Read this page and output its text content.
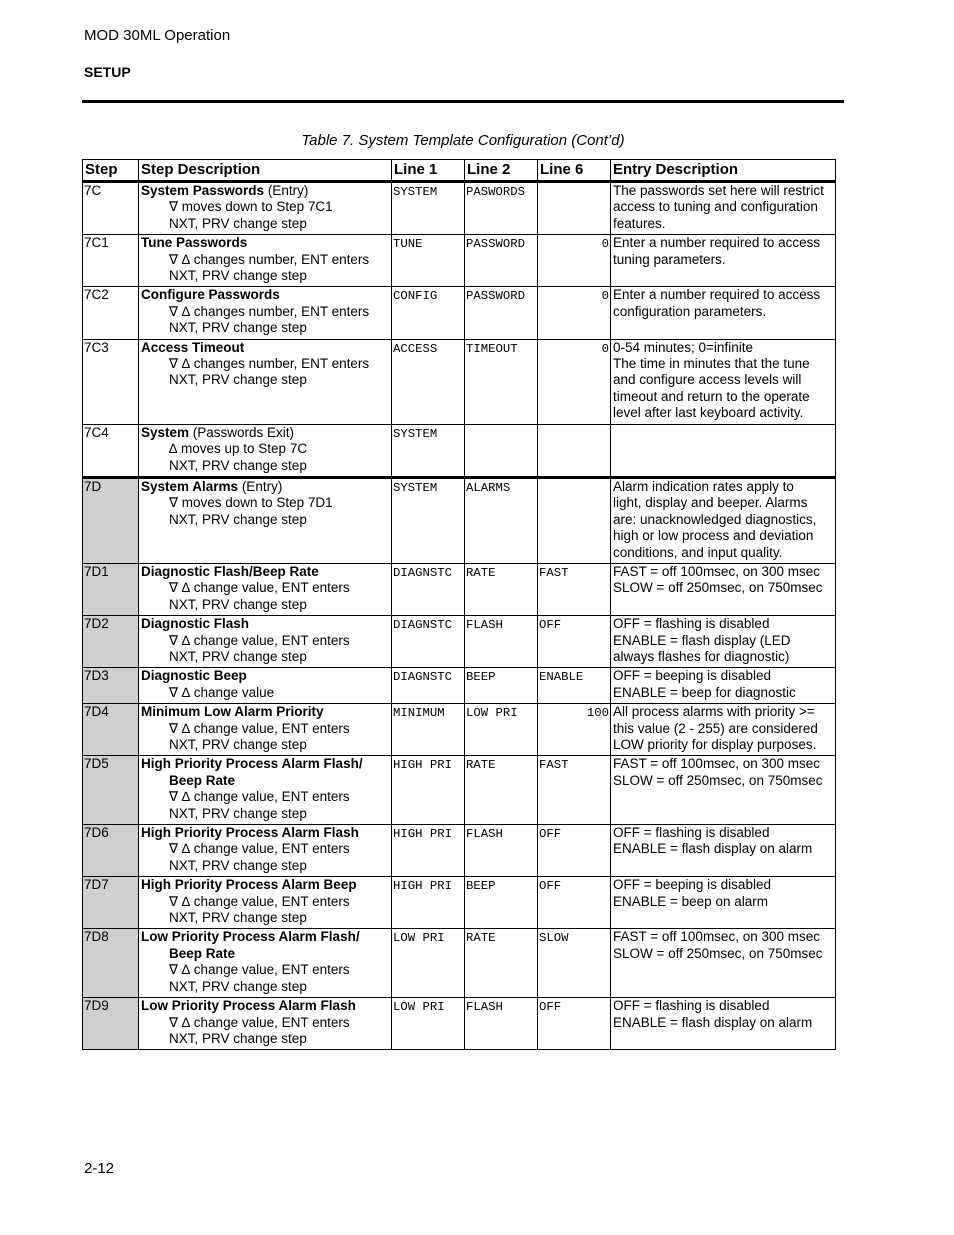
MOD 30ML Operation
SETUP
Table 7. System Template Configuration (Cont’d)
Step	Step Description	Line 1	Line 2	Line 6	Entry Description
7C	System Passwords (Entry)
∇ moves down to Step 7C1
NXT, PRV change step	SYSTEM	PASWORDS		The passwords set here will restrict
access to tuning and configuration
features.

7C1	Tune Passwords
∇ ∆ changes number, ENT enters
NXT, PRV change step	TUNE	PASSWORD	0	Enter a number required to access
tuning parameters.

7C2	Configure Passwords
∇ ∆ changes number, ENT enters
NXT, PRV change step	CONFIG	PASSWORD	0	Enter a number required to access
configuration parameters.

7C3	Access Timeout
∇ ∆ changes number, ENT enters
NXT, PRV change step	ACCESS	TIMEOUT	0	0-54 minutes; 0=infinite
The time in minutes that the tune
and configure access levels will
timeout and return to the operate
level after last keyboard activity.

7C4	System (Passwords Exit)
∆ moves up to Step 7C
NXT, PRV change step	SYSTEM			
7D	System Alarms (Entry)
∇ moves down to Step 7D1
NXT, PRV change step	SYSTEM	ALARMS		Alarm indication rates apply to
light, display and beeper. Alarms
are: unacknowledged diagnostics,
high or low process and deviation
conditions, and input quality.

7D1	Diagnostic Flash/Beep Rate
∇ ∆ change value, ENT enters
NXT, PRV change step	DIAGNSTC	RATE	FAST	FAST = off 100msec, on 300 msec
SLOW = off 250msec, on 750msec

7D2	Diagnostic Flash
∇ ∆ change value, ENT enters
NXT, PRV change step	DIAGNSTC	FLASH	OFF	OFF = flashing is disabled
ENABLE = flash display (LED
always flashes for diagnostic)

7D3	Diagnostic Beep
∇ ∆ change value	DIAGNSTC	BEEP	ENABLE	OFF = beeping is disabled
ENABLE = beep for diagnostic

7D4	Minimum Low Alarm Priority
∇ ∆ change value, ENT enters
NXT, PRV change step	MINIMUM	LOW PRI	100	All process alarms with priority >=
this value (2 - 255) are considered
LOW priority for display purposes.

7D5	High Priority Process Alarm Flash/
Beep Rate
∇ ∆ change value, ENT enters
NXT, PRV change step	HIGH PRI	RATE	FAST	FAST = off 100msec, on 300 msec
SLOW = off 250msec, on 750msec

7D6	High Priority Process Alarm Flash
∇ ∆ change value, ENT enters
NXT, PRV change step	HIGH PRI	FLASH	OFF	OFF = flashing is disabled
ENABLE = flash display on alarm

7D7	High Priority Process Alarm Beep
∇ ∆ change value, ENT enters
NXT, PRV change step	HIGH PRI	BEEP	OFF	OFF = beeping is disabled
ENABLE = beep on alarm

7D8	Low Priority Process Alarm Flash/
Beep Rate
∇ ∆ change value, ENT enters
NXT, PRV change step	LOW PRI	RATE	SLOW	FAST = off 100msec, on 300 msec
SLOW = off 250msec, on 750msec

7D9	Low Priority Process Alarm Flash
∇ ∆ change value, ENT enters
NXT, PRV change step	LOW PRI	FLASH	OFF	OFF = flashing is disabled
ENABLE = flash display on alarm
2-12
